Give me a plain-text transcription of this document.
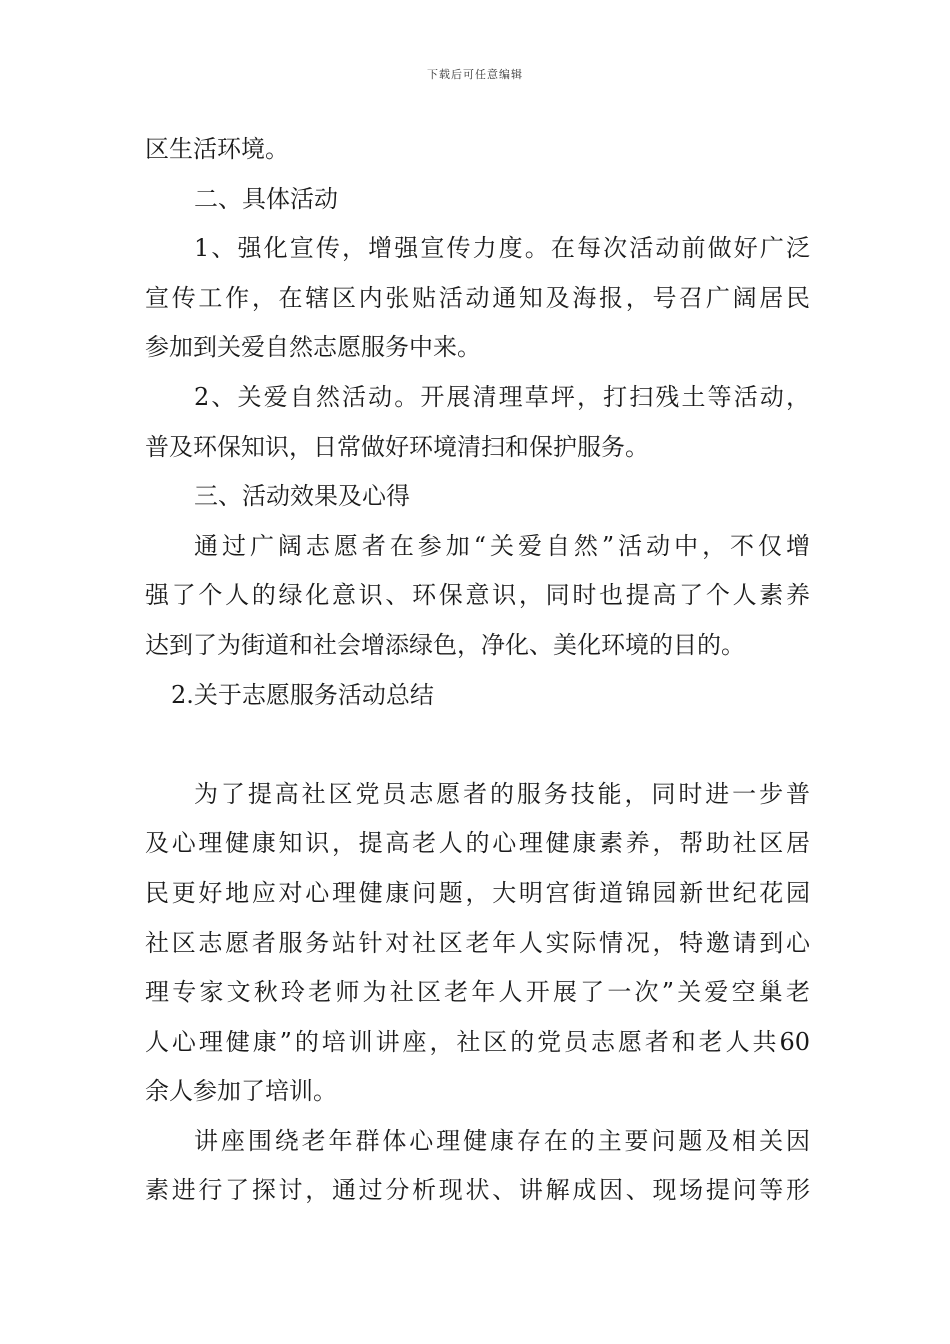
下载后可任意编辑
区生活环境。
二、具体活动
1、强化宣传，增强宣传力度。在每次活动前做好广泛
宣传工作，在辖区内张贴活动通知及海报，号召广阔居民
参加到关爱自然志愿服务中来。
2、关爱自然活动。开展清理草坪，打扫残土等活动，
普及环保知识，日常做好环境清扫和保护服务。
三、活动效果及心得
通过广阔志愿者在参加“关爱自然”活动中，不仅增
强了个人的绿化意识、环保意识，同时也提高了个人素养
达到了为街道和社会增添绿色，净化、美化环境的目的。
2.关于志愿服务活动总结
为了提高社区党员志愿者的服务技能，同时进一步普
及心理健康知识，提高老人的心理健康素养，帮助社区居
民更好地应对心理健康问题，大明宫街道锦园新世纪花园
社区志愿者服务站针对社区老年人实际情况，特邀请到心
理专家文秋玲老师为社区老年人开展了一次”关爱空巢老
人心理健康”的培训讲座，社区的党员志愿者和老人共60
余人参加了培训。
讲座围绕老年群体心理健康存在的主要问题及相关因
素进行了探讨，通过分析现状、讲解成因、现场提问等形
